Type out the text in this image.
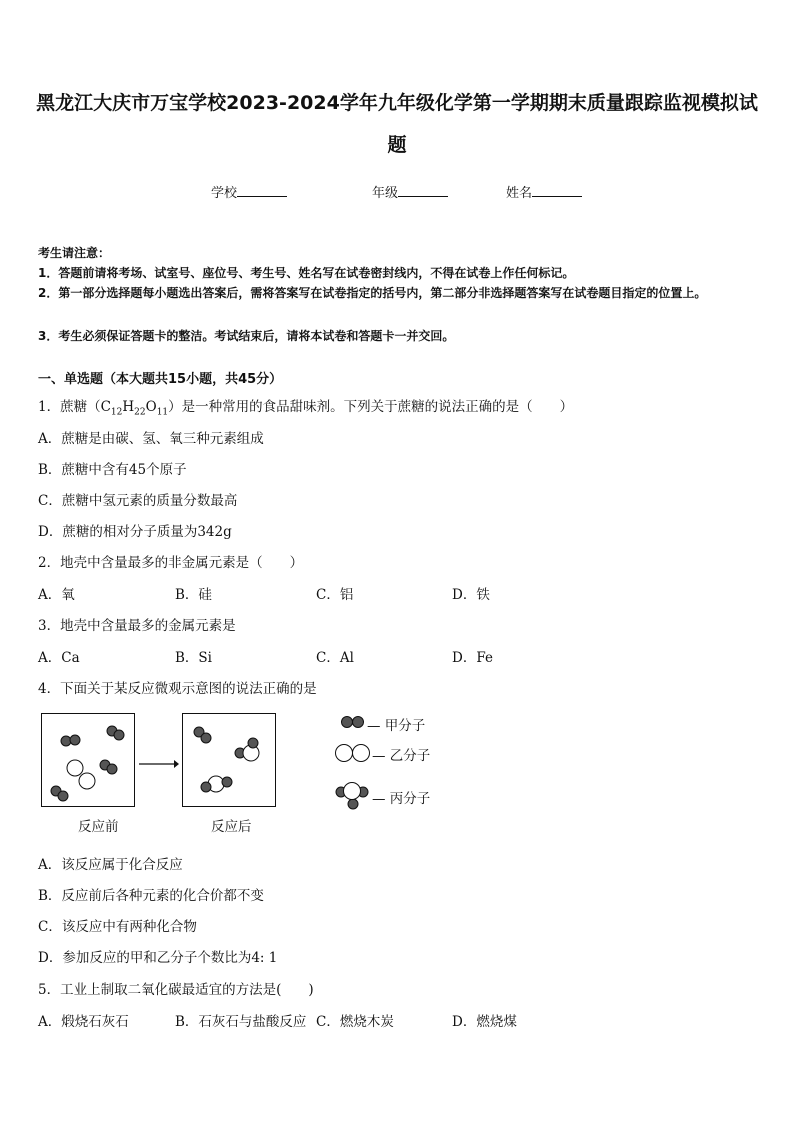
黑龙江大庆市万宝学校2023-2024学年九年级化学第一学期期末质量跟踪监视模拟试
题
学校	年级	姓名
考生请注意：
1．答题前请将考场、试室号、座位号、考生号、姓名写在试卷密封线内，不得在试卷上作任何标记。
2．第一部分选择题每小题选出答案后，需将答案写在试卷指定的括号内，第二部分非选择题答案写在试卷题目指定的位置上。
3．考生必须保证答题卡的整洁。考试结束后，请将本试卷和答题卡一并交回。
一、单选题（本大题共15小题，共45分）
1．蔗糖$(C_{12}H_{22}O_{11})$是一种常用的食品甜味剂。下列关于蔗糖的说法正确的是（　　）
A．蔗糖是由碳、氢、氧三种元素组成
B．蔗糖中含有45个原子
C．蔗糖中氢元素的质量分数最高
D．蔗糖的相对分子质量为342g
2．地壳中含量最多的非金属元素是（　　）
A．氧	B．硅	C．铝	D．铁
3．地壳中含量最多的金属元素是
A．Ca	B．Si	C．Al	D．Fe
4．下面关于某反应微观示意图的说法正确的是
反应前	反应后
— 甲分子
— 乙分子
— 丙分子
A．该反应属于化合反应
B．反应前后各种元素的化合价都不变
C．该反应中有两种化合物
D．参加反应的甲和乙分子个数比为4: 1
5．工业上制取二氧化碳最适宜的方法是(　　)
A．煅烧石灰石	B．石灰石与盐酸反应 C．燃烧木炭	D．燃烧煤
